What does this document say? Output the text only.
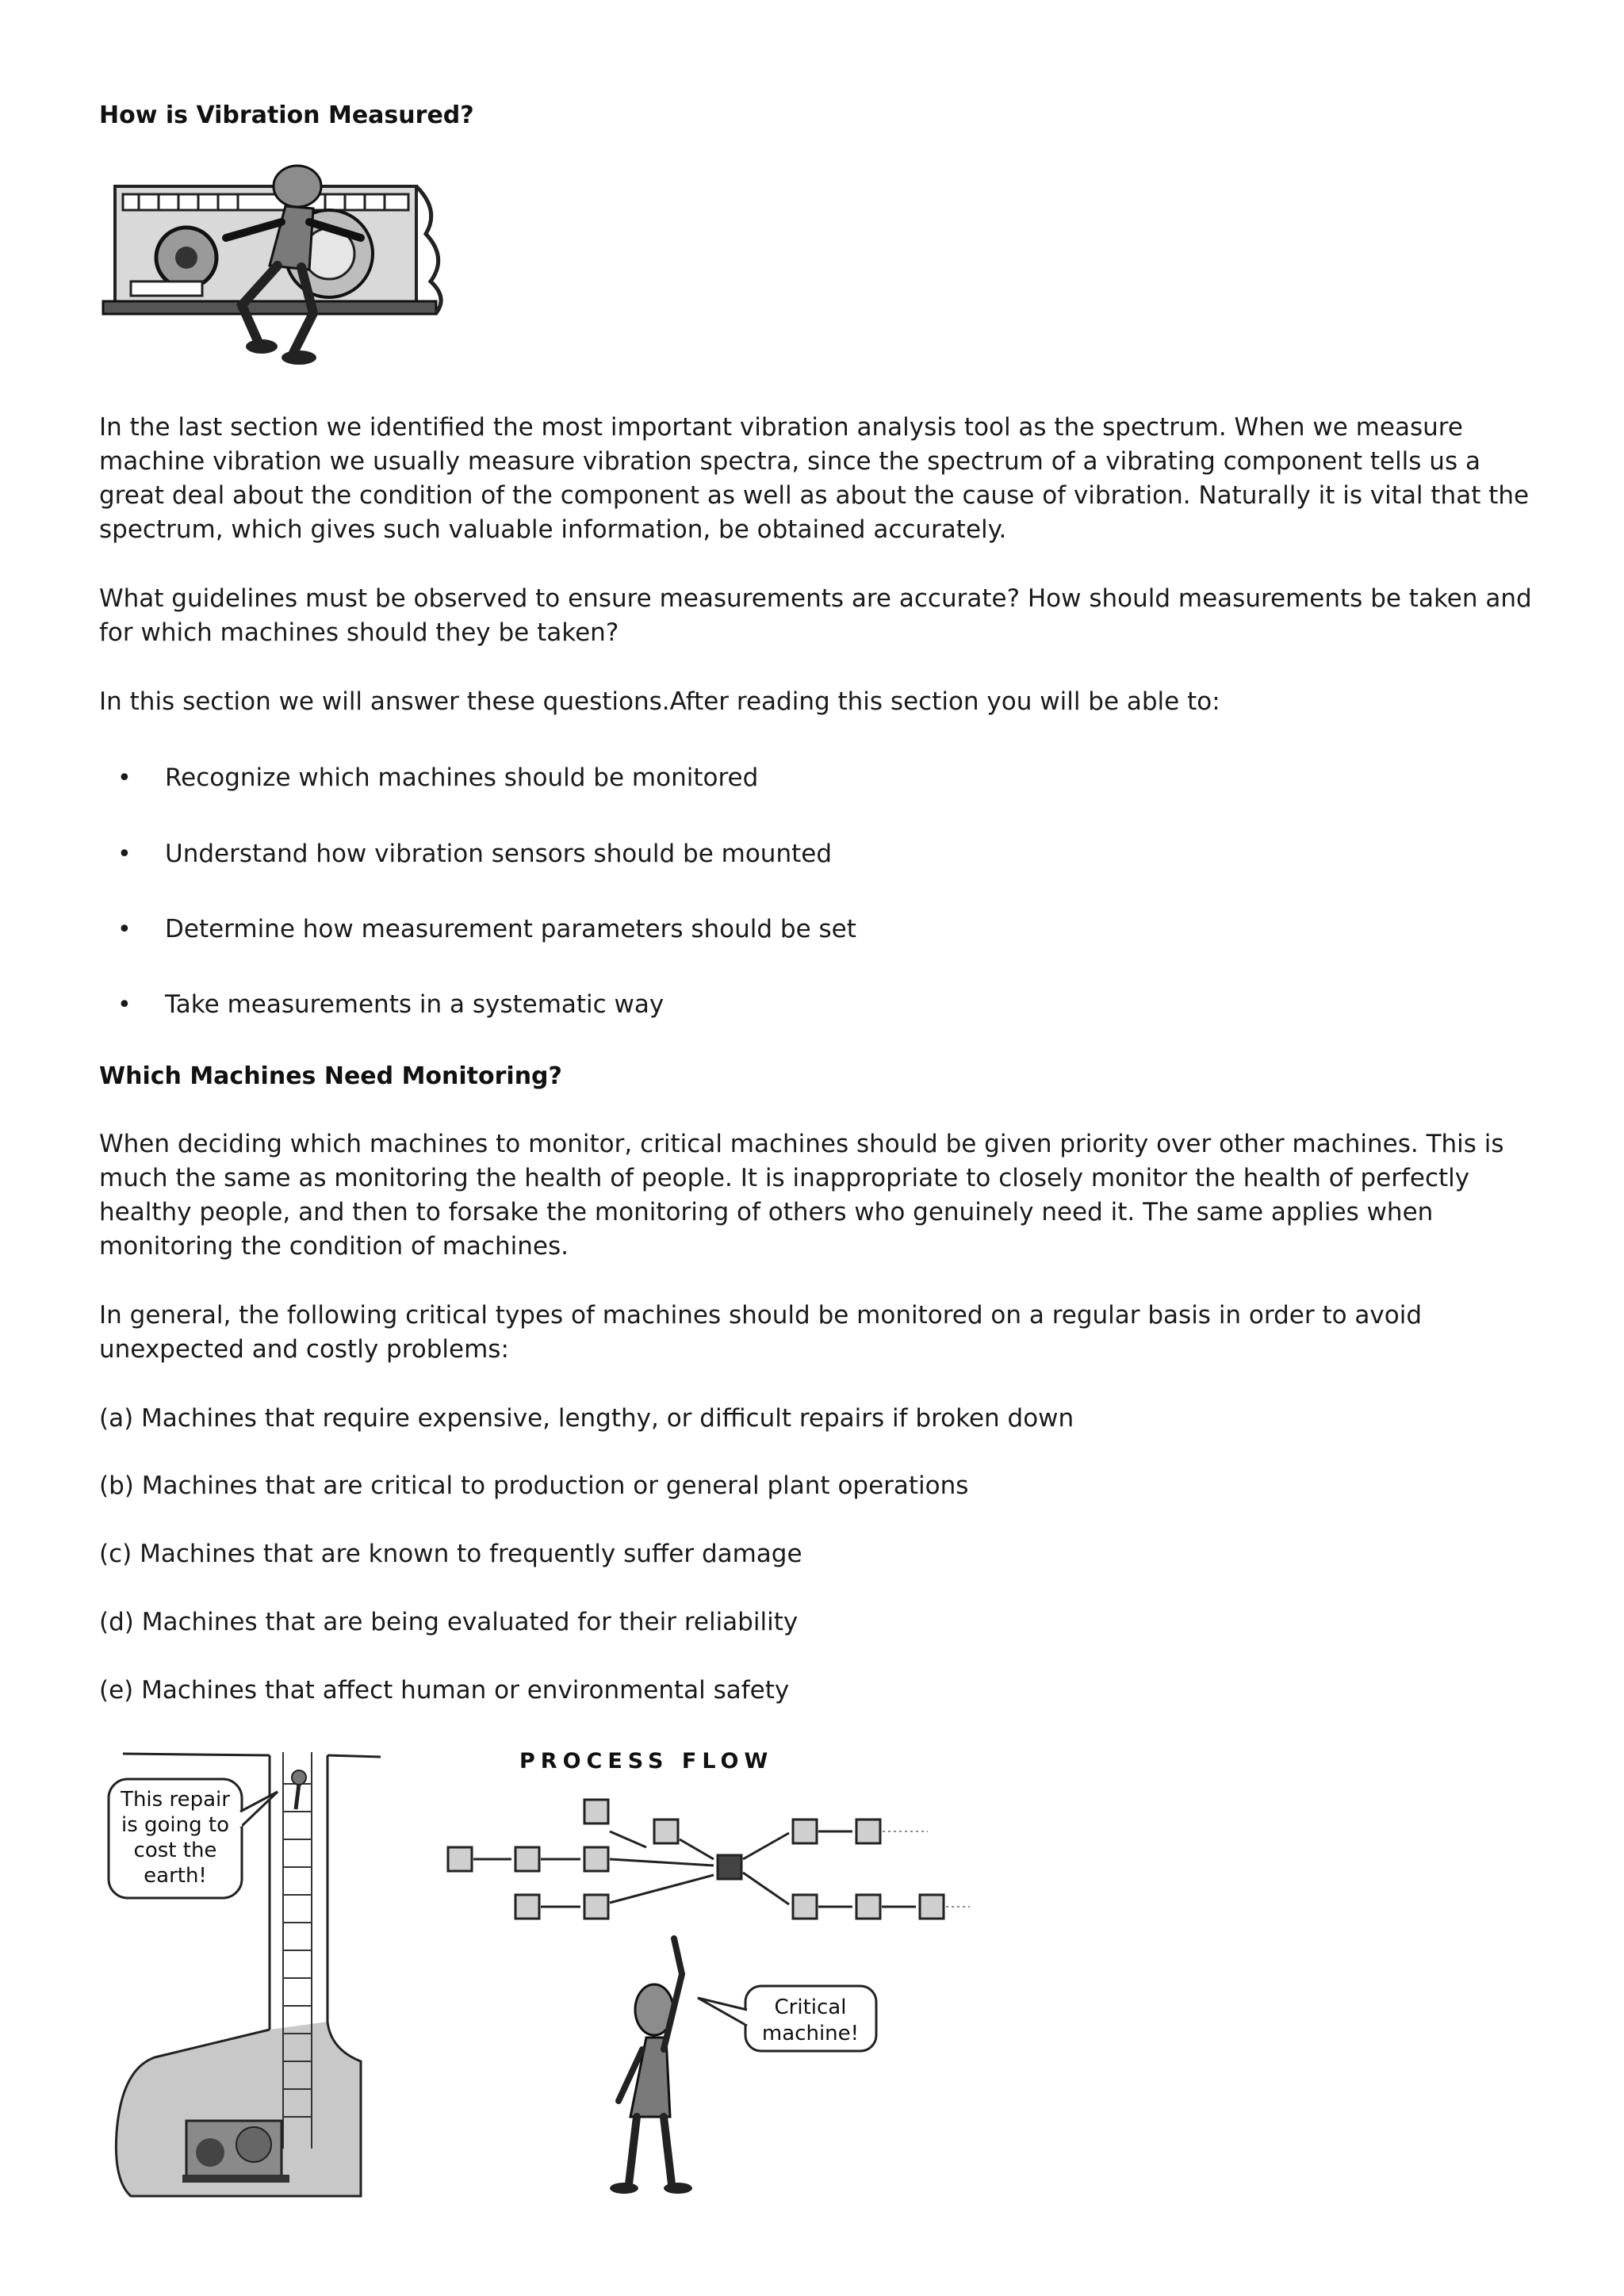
How is Vibration Measured?

In the last section we identified the most important vibration analysis tool as the spectrum. When we measure machine vibration we usually measure vibration spectra, since the spectrum of a vibrating component tells us a great deal about the condition of the component as well as about the cause of vibration. Naturally it is vital that the spectrum, which gives such valuable information, be obtained accurately.

What guidelines must be observed to ensure measurements are accurate? How should measurements be taken and for which machines should they be taken?

In this section we will answer these questions.After reading this section you will be able to:

• Recognize which machines should be monitored
• Understand how vibration sensors should be mounted
• Determine how measurement parameters should be set
• Take measurements in a systematic way
Which Machines Need Monitoring?

When deciding which machines to monitor, critical machines should be given priority over other machines. This is much the same as monitoring the health of people. It is inappropriate to closely monitor the health of perfectly healthy people, and then to forsake the monitoring of others who genuinely need it. The same applies when monitoring the condition of machines.

In general, the following critical types of machines should be monitored on a regular basis in order to avoid unexpected and costly problems:

(a) Machines that require expensive, lengthy, or difficult repairs if broken down
(b) Machines that are critical to production or general plant operations
(c) Machines that are known to frequently suffer damage
(d) Machines that are being evaluated for their reliability
(e) Machines that affect human or environmental safety
This repair
is going to
cost the
earth!
PROCESS FLOW
Critical
machine!
